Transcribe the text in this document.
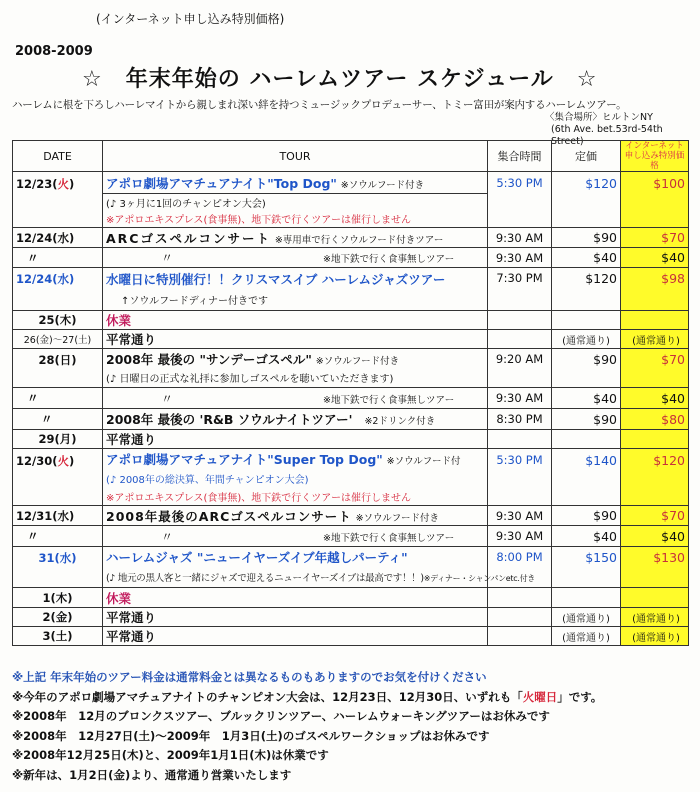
(インターネット申し込み特別価格)
2008-2009
☆　年末年始の ハーレムツアー スケジュール　☆
ハーレムに根を下ろしハーレマイトから親しまれ深い絆を持つミュージックプロデューサー、トミー富田が案内するハーレムツアー。
〈集合場所〉ヒルトンNY
(6th Ave. bet.53rd-54th Street)
DATE	TOUR	集合時間	定価	インターネット申し込み特別価格
12/23(火)	アポロ劇場アマチュアナイト"Top Dog" ※ソウルフード付き	5:30 PM	$120	$100
	(♪ 3ヶ月に1回のチャンピオン大会)			
	※アポロエキスプレス(食事無)、地下鉄で行くツアーは催行しません			
12/24(水)	ARCゴスペルコンサート ※専用車で行くソウルフード付きツアー	9:30 AM	$90	$70
〃	〃 ※地下鉄で行く食事無しツアー	9:30 AM	$40	$40
12/24(水)	水曜日に特別催行！！クリスマスイブ ハーレムジャズツアー	7:30 PM	$120	$98
	↑ソウルフードディナー付きです			
25(木)	休業			
26(金)～27(土)	平常通り		(通常通り)	(通常通り)
28(日)	2008年 最後の "サンデーゴスペル" ※ソウルフード付き	9:20 AM	$90	$70
	(♪ 日曜日の正式な礼拝に参加しゴスペルを聴いていただきます)			
〃	〃 ※地下鉄で行く食事無しツアー	9:30 AM	$40	$40
〃	2008年 最後の 'R&B ソウルナイトツアー'　 ※2ドリンク付き	8:30 PM	$90	$80
29(月)	平常通り			
12/30(火)	アポロ劇場アマチュアナイト"Super Top Dog" ※ソウルフード付	5:30 PM	$140	$120
	(♪ 2008年の総決算、年間チャンピオン大会)			
	※アポロエキスプレス(食事無)、地下鉄で行くツアーは催行しません			
12/31(水)	2008年最後のARCゴスペルコンサート ※ソウルフード付き	9:30 AM	$90	$70
〃	〃 ※地下鉄で行く食事無しツアー	9:30 AM	$40	$40
31(水)	ハーレムジャズ "ニューイヤーズイブ年越しパーティ"	8:00 PM	$150	$130
	(♪ 地元の黒人客と一緒にジャズで迎えるニューイヤーズイブは最高です！！)※ディナー・シャンパンetc.付き			
1(木)	休業			
2(金)	平常通り		(通常通り)	(通常通り)
3(土)	平常通り		(通常通り)	(通常通り)
※上記 年末年始のツアー料金は通常料金とは異なるものもありますのでお気を付けください
※今年のアポロ劇場アマチュアナイトのチャンピオン大会は、12月23日、12月30日、いずれも「火曜日」です。
※2008年　12月のブロンクスツアー、ブルックリンツアー、ハーレムウォーキングツアーはお休みです
※2008年　12月27日(土)～2009年　1月3日(土)のゴスペルワークショップはお休みです
※2008年12月25日(木)と、2009年1月1日(木)は休業です
※新年は、1月2日(金)より、通常通り営業いたします
